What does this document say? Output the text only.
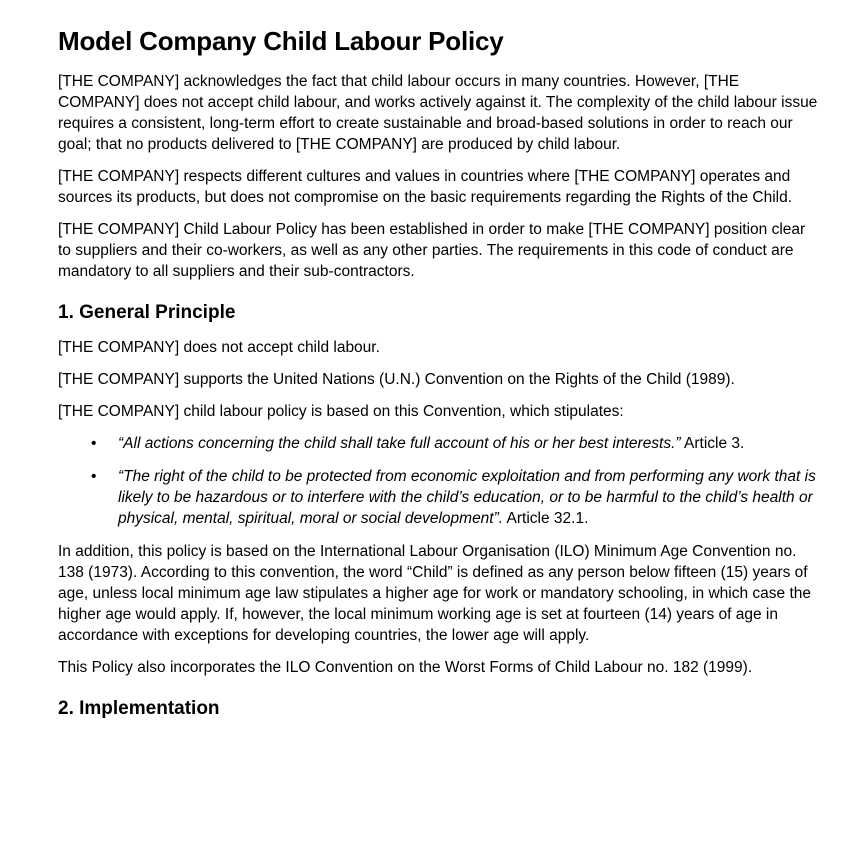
Model Company Child Labour Policy

[THE COMPANY] acknowledges the fact that child labour occurs in many countries. However, [THE COMPANY] does not accept child labour, and works actively against it. The complexity of the child labour issue requires a consistent, long-term effort to create sustainable and broad-based solutions in order to reach our goal; that no products delivered to [THE COMPANY] are produced by child labour.

[THE COMPANY] respects different cultures and values in countries where [THE COMPANY] operates and sources its products, but does not compromise on the basic requirements regarding the Rights of the Child.

[THE COMPANY] Child Labour Policy has been established in order to make [THE COMPANY] position clear to suppliers and their co-workers, as well as any other parties. The requirements in this code of conduct are mandatory to all suppliers and their sub-contractors.

1. General Principle

[THE COMPANY] does not accept child labour.

[THE COMPANY] supports the United Nations (U.N.) Convention on the Rights of the Child (1989).

[THE COMPANY] child labour policy is based on this Convention, which stipulates:

• “All actions concerning the child shall take full account of his or her best interests.” Article 3.
• “The right of the child to be protected from economic exploitation and from performing any work that is likely to be hazardous or to interfere with the child’s education, or to be harmful to the child’s health or physical, mental, spiritual, moral or social development”. Article 32.1.

In addition, this policy is based on the International Labour Organisation (ILO) Minimum Age Convention no. 138 (1973). According to this convention, the word “Child” is defined as any person below fifteen (15) years of age, unless local minimum age law stipulates a higher age for work or mandatory schooling, in which case the higher age would apply. If, however, the local minimum working age is set at fourteen (14) years of age in accordance with exceptions for developing countries, the lower age will apply.

This Policy also incorporates the ILO Convention on the Worst Forms of Child Labour no. 182 (1999).

2. Implementation
